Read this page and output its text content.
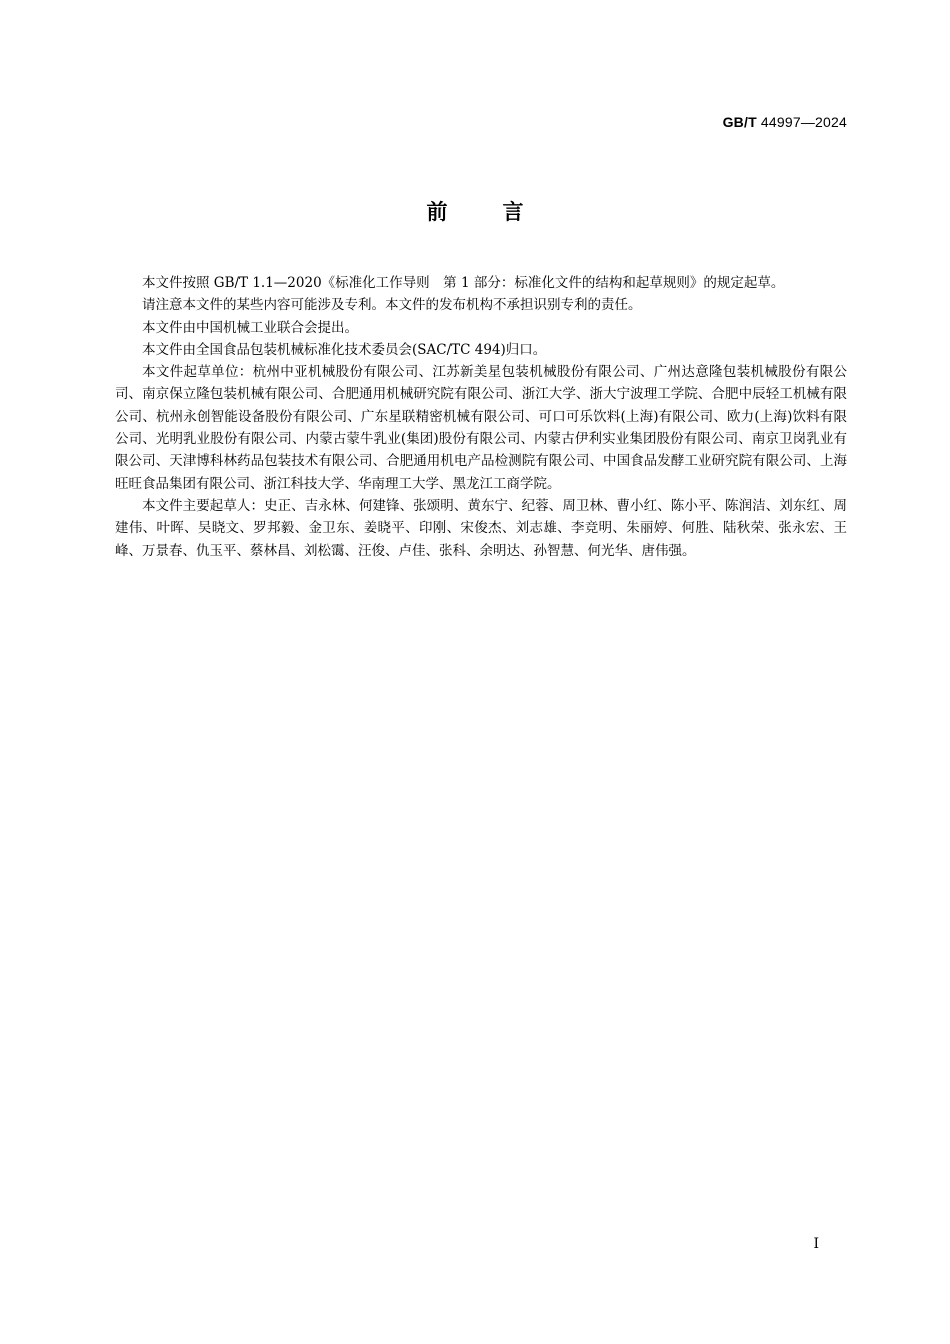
GB/T 44997—2024
前言

本文件按照 GB/T 1.1—2020《标准化工作导则　第 1 部分：标准化文件的结构和起草规则》的规定起草。

请注意本文件的某些内容可能涉及专利。本文件的发布机构不承担识别专利的责任。

本文件由中国机械工业联合会提出。

本文件由全国食品包装机械标准化技术委员会(SAC/TC 494)归口。

本文件起草单位：杭州中亚机械股份有限公司、江苏新美星包装机械股份有限公司、广州达意隆包装机械股份有限公司、南京保立隆包装机械有限公司、合肥通用机械研究院有限公司、浙江大学、浙大宁波理工学院、合肥中辰轻工机械有限公司、杭州永创智能设备股份有限公司、广东星联精密机械有限公司、可口可乐饮料(上海)有限公司、欧力(上海)饮料有限公司、光明乳业股份有限公司、内蒙古蒙牛乳业(集团)股份有限公司、内蒙古伊利实业集团股份有限公司、南京卫岗乳业有限公司、天津博科林药品包装技术有限公司、合肥通用机电产品检测院有限公司、中国食品发酵工业研究院有限公司、上海旺旺食品集团有限公司、浙江科技大学、华南理工大学、黑龙江工商学院。

本文件主要起草人：史正、吉永林、何建锋、张颂明、黄东宁、纪蓉、周卫林、曹小红、陈小平、陈润洁、刘东红、周建伟、叶晖、吴晓文、罗邦毅、金卫东、姜晓平、印刚、宋俊杰、刘志雄、李竞明、朱丽婷、何胜、陆秋荣、张永宏、王峰、万景春、仇玉平、蔡林昌、刘松霭、汪俊、卢佳、张科、余明达、孙智慧、何光华、唐伟强。

I
